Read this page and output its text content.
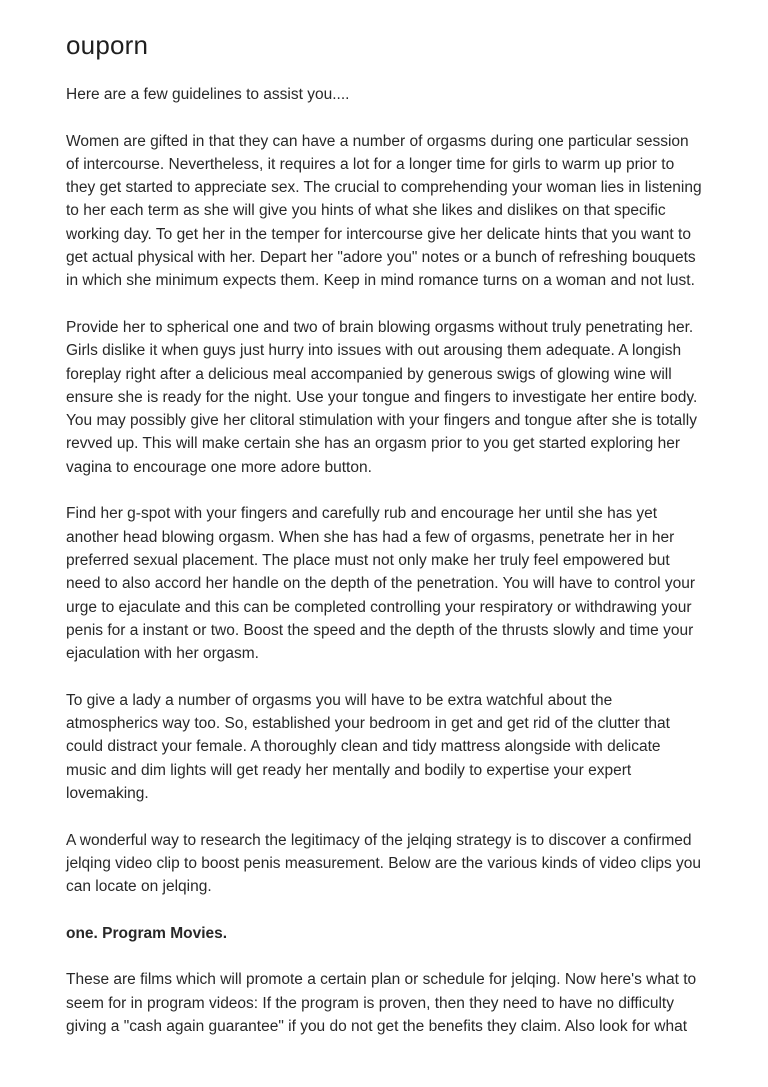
ouporn

Here are a few guidelines to assist you....

Women are gifted in that they can have a number of orgasms during one particular session
of intercourse. Nevertheless, it requires a lot for a longer time for girls to warm up prior to
they get started to appreciate sex. The crucial to comprehending your woman lies in listening
to her each term as she will give you hints of what she likes and dislikes on that specific
working day. To get her in the temper for intercourse give her delicate hints that you want to
get actual physical with her. Depart her "adore you" notes or a bunch of refreshing bouquets
in which she minimum expects them. Keep in mind romance turns on a woman and not lust.

Provide her to spherical one and two of brain blowing orgasms without truly penetrating her.
Girls dislike it when guys just hurry into issues with out arousing them adequate. A longish
foreplay right after a delicious meal accompanied by generous swigs of glowing wine will
ensure she is ready for the night. Use your tongue and fingers to investigate her entire body.
You may possibly give her clitoral stimulation with your fingers and tongue after she is totally
revved up. This will make certain she has an orgasm prior to you get started exploring her
vagina to encourage one more adore button.

Find her g-spot with your fingers and carefully rub and encourage her until she has yet
another head blowing orgasm. When she has had a few of orgasms, penetrate her in her
preferred sexual placement. The place must not only make her truly feel empowered but
need to also accord her handle on the depth of the penetration. You will have to control your
urge to ejaculate and this can be completed controlling your respiratory or withdrawing your
penis for a instant or two. Boost the speed and the depth of the thrusts slowly and time your
ejaculation with her orgasm.

To give a lady a number of orgasms you will have to be extra watchful about the
atmospherics way too. So, established your bedroom in get and get rid of the clutter that
could distract your female. A thoroughly clean and tidy mattress alongside with delicate
music and dim lights will get ready her mentally and bodily to expertise your expert
lovemaking.

A wonderful way to research the legitimacy of the jelqing strategy is to discover a confirmed
jelqing video clip to boost penis measurement. Below are the various kinds of video clips you
can locate on jelqing.

one. Program Movies.

These are films which will promote a certain plan or schedule for jelqing. Now here's what to
seem for in program videos: If the program is proven, then they need to have no difficulty
giving a "cash again guarantee" if you do not get the benefits they claim. Also look for what
